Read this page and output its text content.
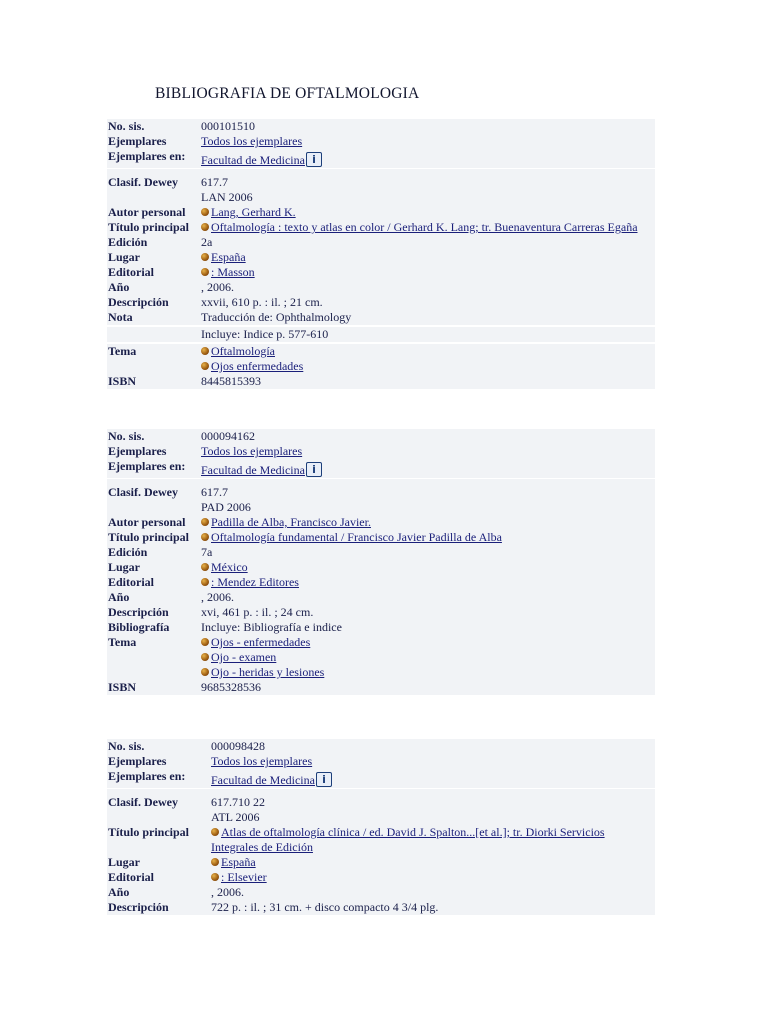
BIBLIOGRAFIA DE OFTALMOLOGIA
No. sis.	000101510
Ejemplares	Todos los ejemplares
Ejemplares en:	Facultad de Medicina i
Clasif. Dewey	617.7
LAN 2006
Autor personal	Lang, Gerhard K.
Título principal	Oftalmología : texto y atlas en color / Gerhard K. Lang; tr. Buenaventura Carreras Egaña
Edición	2a
Lugar	España
Editorial	: Masson
Año	, 2006.
Descripción	xxvii, 610 p. : il. ; 21 cm.
Nota	Traducción de: Ophthalmology
Incluye: Indice p. 577-610
Tema	Oftalmología
Ojos enfermedades
ISBN	8445815393
No. sis.	000094162
Ejemplares	Todos los ejemplares
Ejemplares en:	Facultad de Medicina i
Clasif. Dewey	617.7
PAD 2006
Autor personal	Padilla de Alba, Francisco Javier.
Título principal	Oftalmología fundamental / Francisco Javier Padilla de Alba
Edición	7a
Lugar	México
Editorial	: Mendez Editores
Año	, 2006.
Descripción	xvi, 461 p. : il. ; 24 cm.
Bibliografía	Incluye: Bibliografía e indice
Tema	Ojos - enfermedades
Ojo - examen
Ojo - heridas y lesiones
ISBN	9685328536
No. sis.	000098428
Ejemplares	Todos los ejemplares
Ejemplares en:	Facultad de Medicina i
Clasif. Dewey	617.710 22
ATL 2006
Título principal	Atlas de oftalmología clínica / ed. David J. Spalton...[et al.]; tr. Diorki Servicios
Integrales de Edición
Lugar	España
Editorial	: Elsevier
Año	, 2006.
Descripción	722 p. : il. ; 31 cm. + disco compacto 4 3/4 plg.
